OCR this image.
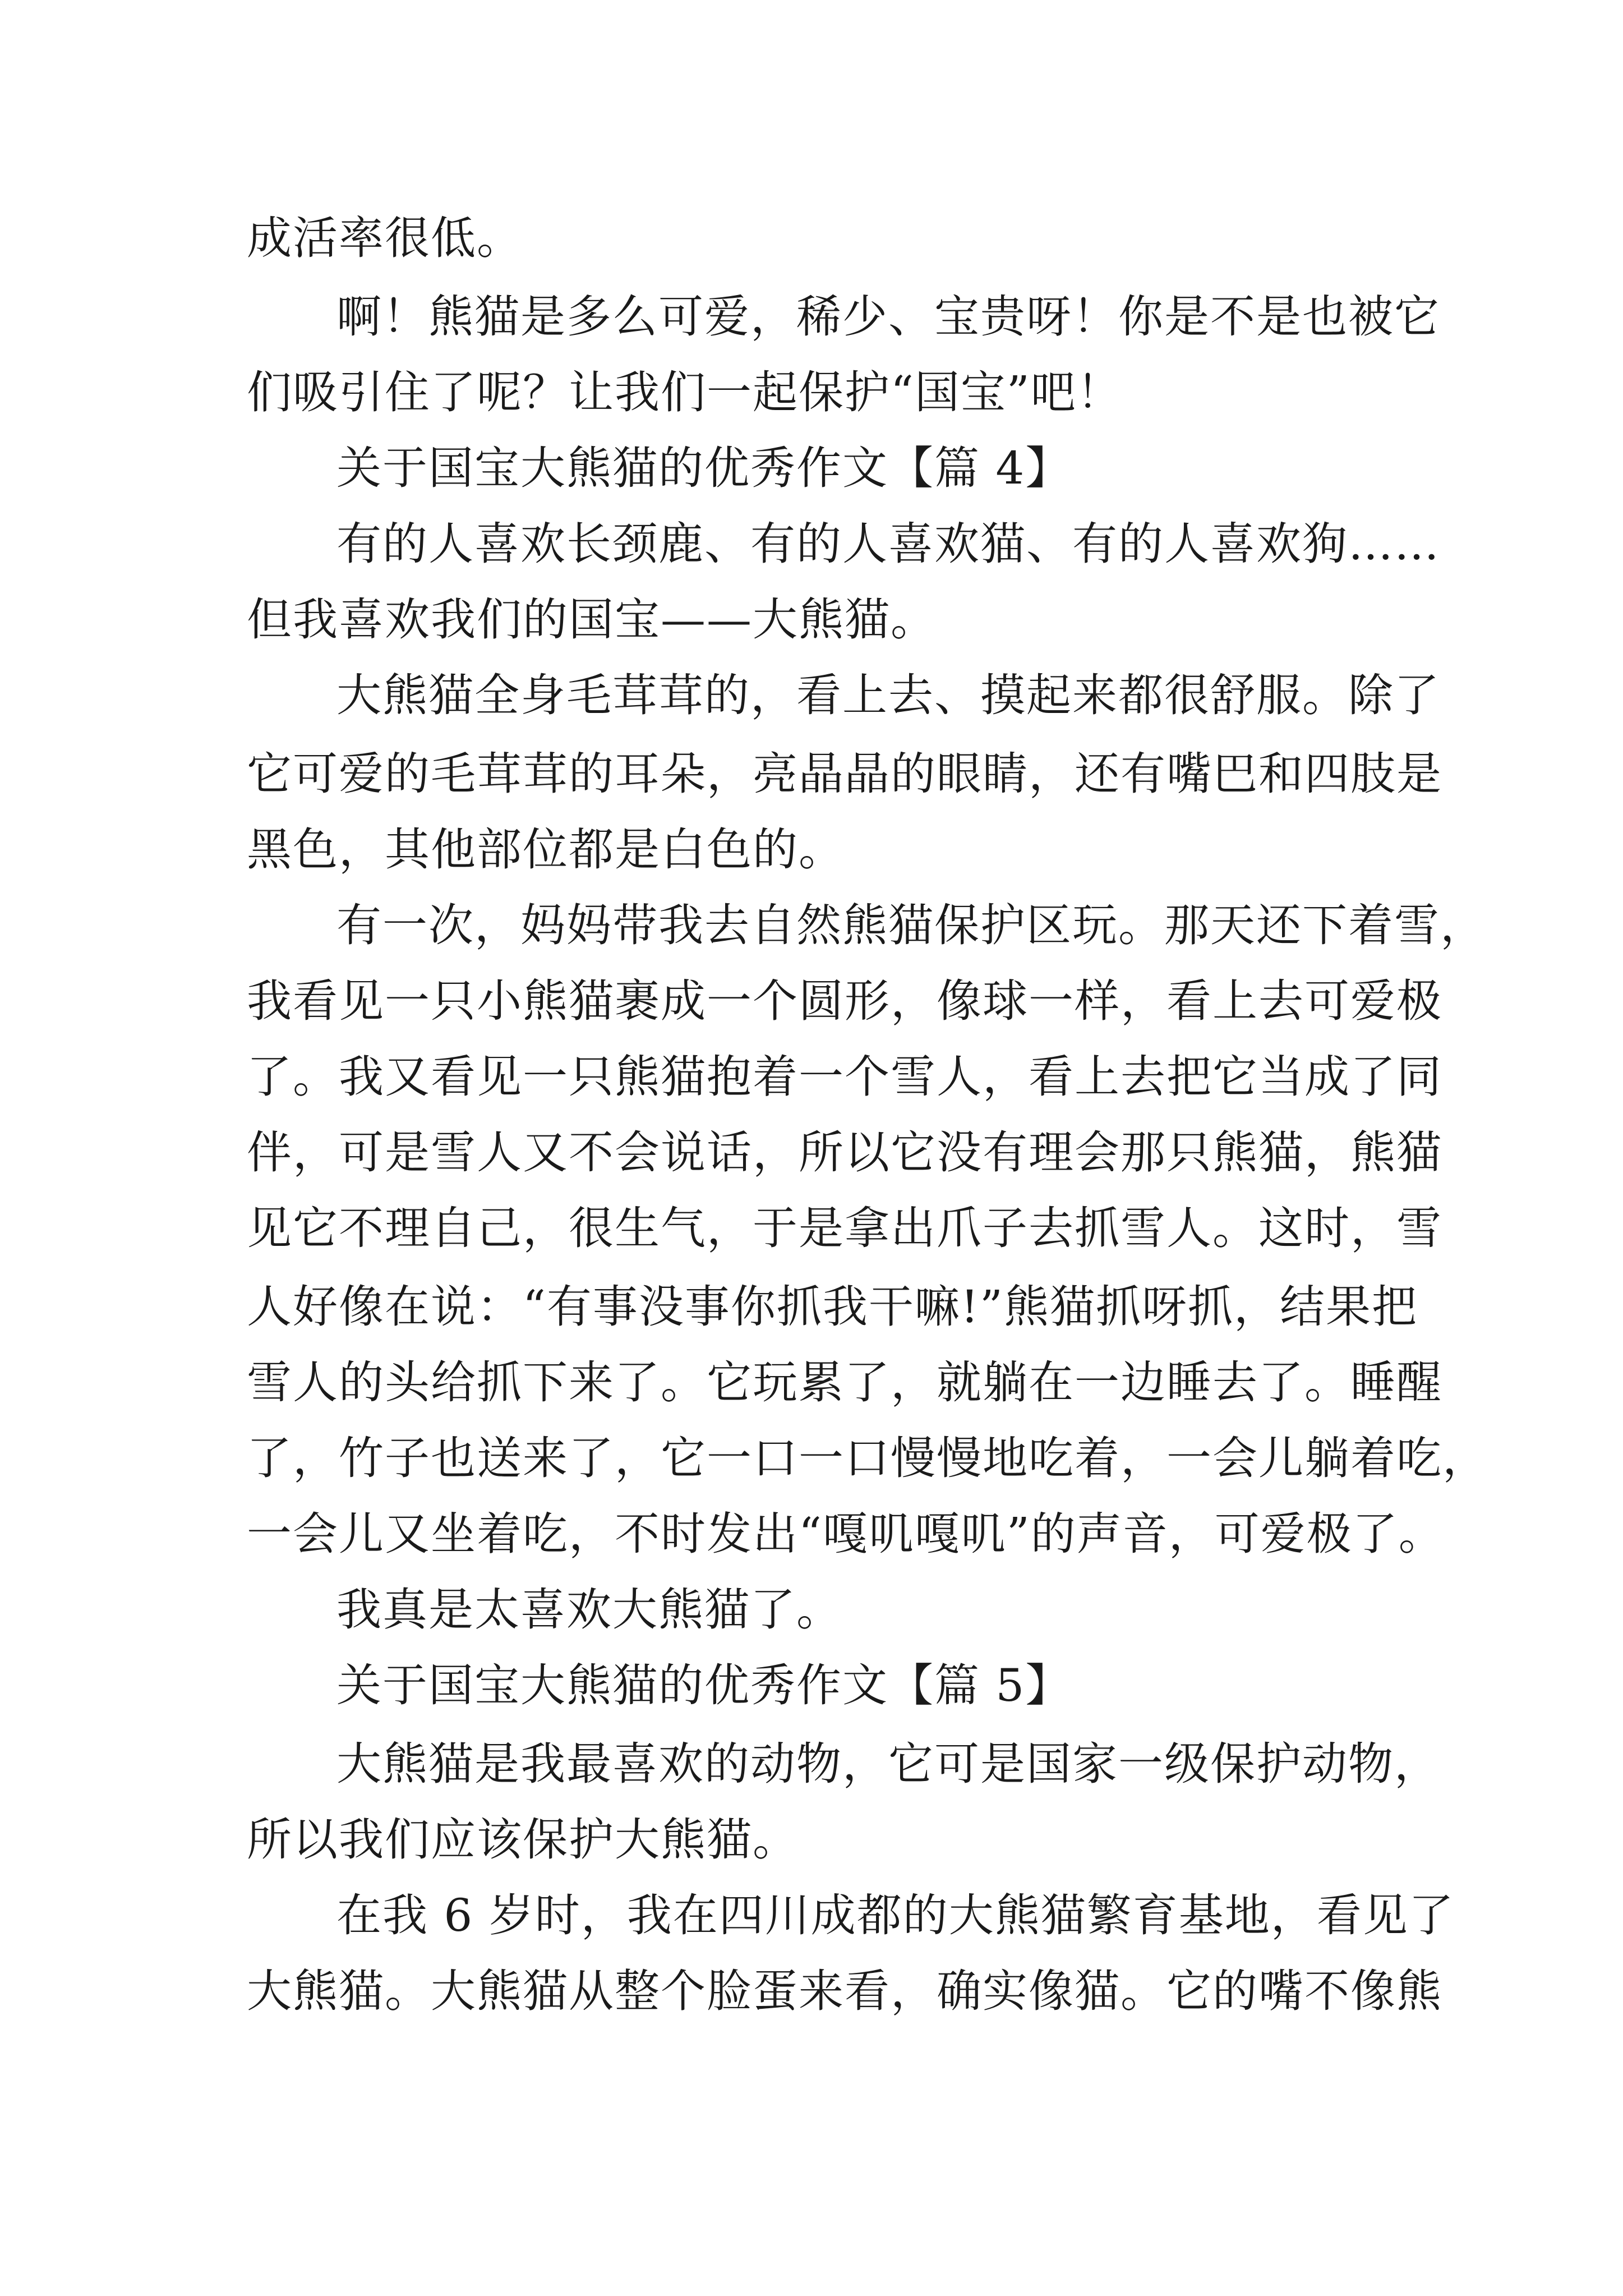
成活率很低。
啊！熊猫是多么可爱，稀少、宝贵呀！你是不是也被它
们吸引住了呢？让我们一起保护“国宝”吧！
关于国宝大熊猫的优秀作文【篇 4】
有的人喜欢长颈鹿、有的人喜欢猫、有的人喜欢狗……
但我喜欢我们的国宝——大熊猫。
大熊猫全身毛茸茸的，看上去、摸起来都很舒服。除了
它可爱的毛茸茸的耳朵，亮晶晶的眼睛，还有嘴巴和四肢是
黑色，其他部位都是白色的。
有一次，妈妈带我去自然熊猫保护区玩。那天还下着雪，
我看见一只小熊猫裹成一个圆形，像球一样，看上去可爱极
了。我又看见一只熊猫抱着一个雪人，看上去把它当成了同
伴，可是雪人又不会说话，所以它没有理会那只熊猫，熊猫
见它不理自己，很生气，于是拿出爪子去抓雪人。这时，雪
人好像在说：“有事没事你抓我干嘛!”熊猫抓呀抓，结果把
雪人的头给抓下来了。它玩累了，就躺在一边睡去了。睡醒
了，竹子也送来了，它一口一口慢慢地吃着，一会儿躺着吃，
一会儿又坐着吃，不时发出“嘎叽嘎叽”的声音，可爱极了。
我真是太喜欢大熊猫了。
关于国宝大熊猫的优秀作文【篇 5】
大熊猫是我最喜欢的动物，它可是国家一级保护动物，
所以我们应该保护大熊猫。
在我 6 岁时，我在四川成都的大熊猫繁育基地，看见了
大熊猫。大熊猫从整个脸蛋来看，确实像猫。它的嘴不像熊
